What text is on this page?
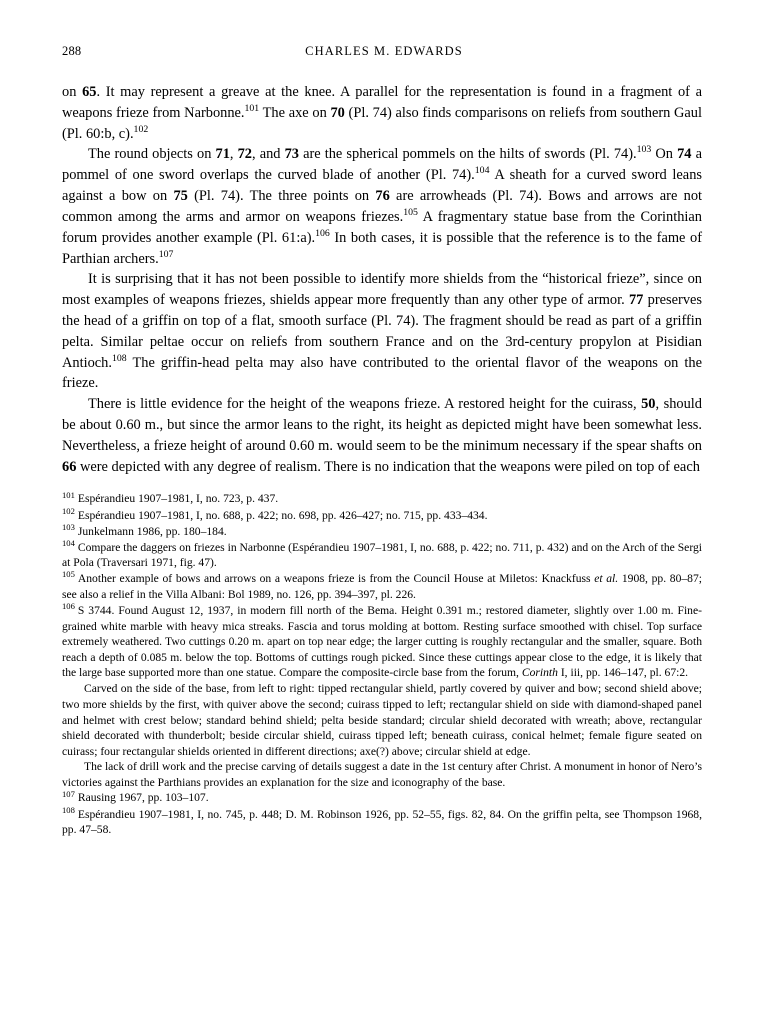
288	CHARLES M. EDWARDS

on 65. It may represent a greave at the knee. A parallel for the representation is found in a fragment of a weapons frieze from Narbonne.$^{101}$ The axe on 70 (Pl. 74) also finds comparisons on reliefs from southern Gaul (Pl. 60:b, c).$^{102}$

The round objects on 71, 72, and 73 are the spherical pommels on the hilts of swords (Pl. 74).$^{103}$ On 74 a pommel of one sword overlaps the curved blade of another (Pl. 74).$^{104}$ A sheath for a curved sword leans against a bow on 75 (Pl. 74). The three points on 76 are arrowheads (Pl. 74). Bows and arrows are not common among the arms and armor on weapons friezes.$^{105}$ A fragmentary statue base from the Corinthian forum provides another example (Pl. 61:a).$^{106}$ In both cases, it is possible that the reference is to the fame of Parthian archers.$^{107}$

It is surprising that it has not been possible to identify more shields from the “historical frieze”, since on most examples of weapons friezes, shields appear more frequently than any other type of armor. 77 preserves the head of a griffin on top of a flat, smooth surface (Pl. 74). The fragment should be read as part of a griffin pelta. Similar peltae occur on reliefs from southern France and on the 3rd-century propylon at Pisidian Antioch.$^{108}$ The griffin-head pelta may also have contributed to the oriental flavor of the weapons on the frieze.

There is little evidence for the height of the weapons frieze. A restored height for the cuirass, 50, should be about 0.60 m., but since the armor leans to the right, its height as depicted might have been somewhat less. Nevertheless, a frieze height of around 0.60 m. would seem to be the minimum necessary if the spear shafts on 66 were depicted with any degree of realism. There is no indication that the weapons were piled on top of each

$^{101}$ Espérandieu 1907–1981, I, no. 723, p. 437.

$^{102}$ Espérandieu 1907–1981, I, no. 688, p. 422; no. 698, pp. 426–427; no. 715, pp. 433–434.

$^{103}$ Junkelmann 1986, pp. 180–184.

$^{104}$ Compare the daggers on friezes in Narbonne (Espérandieu 1907–1981, I, no. 688, p. 422; no. 711, p. 432) and on the Arch of the Sergi at Pola (Traversari 1971, fig. 47).

$^{105}$ Another example of bows and arrows on a weapons frieze is from the Council House at Miletos: Knackfuss et al. 1908, pp. 80–87; see also a relief in the Villa Albani: Bol 1989, no. 126, pp. 394–397, pl. 226.

$^{106}$ S 3744. Found August 12, 1937, in modern fill north of the Bema. Height 0.391 m.; restored diameter, slightly over 1.00 m. Fine-grained white marble with heavy mica streaks. Fascia and torus molding at bottom. Resting surface smoothed with chisel. Top surface extremely weathered. Two cuttings 0.20 m. apart on top near edge; the larger cutting is roughly rectangular and the smaller, square. Both reach a depth of 0.085 m. below the top. Bottoms of cuttings rough picked. Since these cuttings appear close to the edge, it is likely that the large base supported more than one statue. Compare the composite-circle base from the forum, Corinth I, iii, pp. 146–147, pl. 67:2.

Carved on the side of the base, from left to right: tipped rectangular shield, partly covered by quiver and bow; second shield above; two more shields by the first, with quiver above the second; cuirass tipped to left; rectangular shield on side with diamond-shaped panel and helmet with crest below; standard behind shield; pelta beside standard; circular shield decorated with wreath; above, rectangular shield decorated with thunderbolt; beside circular shield, cuirass tipped left; beneath cuirass, conical helmet; female figure seated on cuirass; four rectangular shields oriented in different directions; axe(?) above; circular shield at edge.

The lack of drill work and the precise carving of details suggest a date in the 1st century after Christ. A monument in honor of Nero’s victories against the Parthians provides an explanation for the size and iconography of the base.

$^{107}$ Rausing 1967, pp. 103–107.

$^{108}$ Espérandieu 1907–1981, I, no. 745, p. 448; D. M. Robinson 1926, pp. 52–55, figs. 82, 84. On the griffin pelta, see Thompson 1968, pp. 47–58.
